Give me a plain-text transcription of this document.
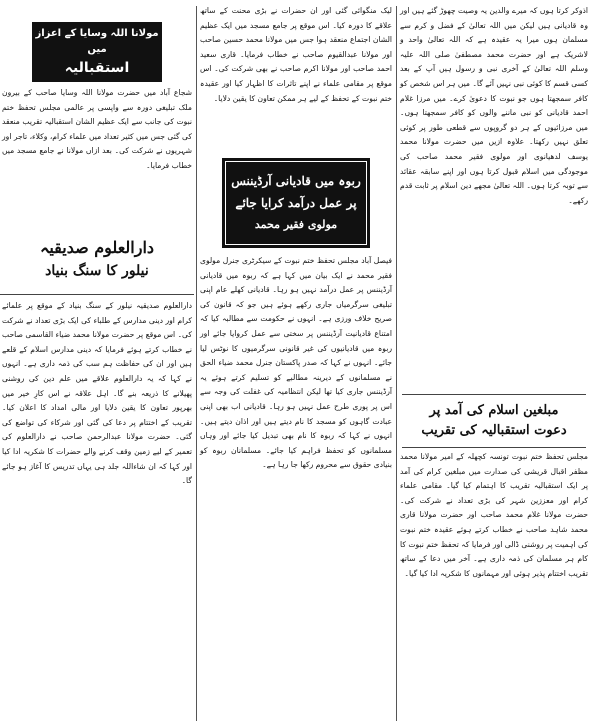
اذوکر کرتا ہوں کہ میرے والدین یہ وصیت چھوڑ گئے ہیں اور وہ قادیانی ہیں لیکن میں اللہ تعالیٰ کے فضل و کرم سے مسلمان ہوں میرا یہ عقیدہ ہے کہ اللہ تعالیٰ واحد و لاشریک ہے اور حضرت محمد مصطفیٰ صلی اللہ علیہ وسلم اللہ تعالیٰ کے آخری نبی و رسول ہیں آپ کے بعد کسی قسم کا کوئی نبی نہیں آئے گا۔ میں ہر اس شخص کو کافر سمجھتا ہوں جو نبوت کا دعویٰ کرے۔ میں مرزا غلام احمد قادیانی کو نبی ماننے والوں کو کافر سمجھتا ہوں۔ میں مرزائیوں کے ہر دو گروپوں سے قطعی طور پر کوئی تعلق نہیں رکھتا۔ علاوہ ازیں میں حضرت مولانا محمد یوسف لدھیانوی اور مولوی فقیر محمد صاحب کی موجودگی میں اسلام قبول کرتا ہوں اور اپنے سابقہ عقائد سے توبہ کرتا ہوں۔ اللہ تعالیٰ مجھے دین اسلام پر ثابت قدم رکھے۔

مبلغین اسلام کی آمد پر دعوت استقبالیہ کی تقریب

مجلس تحفظ ختم نبوت تونسہ کچھلہ کے امیر مولانا محمد مظفر اقبال قریشی کی صدارت میں مبلغین کرام کی آمد پر ایک استقبالیہ تقریب کا اہتمام کیا گیا۔ مقامی علماء کرام اور معززین شہر کی بڑی تعداد نے شرکت کی۔ حضرت مولانا غلام محمد صاحب اور حضرت مولانا قاری محمد شاہد صاحب نے خطاب کرتے ہوئے عقیدہ ختم نبوت کی اہمیت پر روشنی ڈالی اور فرمایا کہ تحفظ ختم نبوت کا کام ہر مسلمان کی ذمہ داری ہے۔ آخر میں دعا کے ساتھ تقریب اختتام پذیر ہوئی اور مہمانوں کا شکریہ ادا کیا گیا۔

لیک منگوائی گئی اور ان حضرات نے بڑی محنت کے ساتھ علاقے کا دورہ کیا۔ اس موقع پر جامع مسجد میں ایک عظیم الشان اجتماع منعقد ہوا جس میں مولانا محمد حسین صاحب اور مولانا عبدالقیوم صاحب نے خطاب فرمایا۔ قاری سعید احمد صاحب اور مولانا اکرم صاحب نے بھی شرکت کی۔ اس موقع پر مقامی علماء نے اپنے تاثرات کا اظہار کیا اور عقیدہ ختم نبوت کے تحفظ کے لیے ہر ممکن تعاون کا یقین دلایا۔

ربوہ میں قادیانی آرڈیننس
پر عمل درآمد کرایا جائے
مولوی فقیر محمد

فیصل آباد مجلس تحفظ ختم نبوت کے سیکرٹری جنرل مولوی فقیر محمد نے ایک بیان میں کہا ہے کہ ربوہ میں قادیانی آرڈیننس پر عمل درآمد نہیں ہو رہا۔ قادیانی کھلے عام اپنی تبلیغی سرگرمیاں جاری رکھے ہوئے ہیں جو کہ قانون کی صریح خلاف ورزی ہے۔ انہوں نے حکومت سے مطالبہ کیا کہ امتناع قادیانیت آرڈیننس پر سختی سے عمل کروایا جائے اور ربوہ میں قادیانیوں کی غیر قانونی سرگرمیوں کا نوٹس لیا جائے۔ انہوں نے کہا کہ صدر پاکستان جنرل محمد ضیاء الحق نے مسلمانوں کے دیرینہ مطالبے کو تسلیم کرتے ہوئے یہ آرڈیننس جاری کیا تھا لیکن انتظامیہ کی غفلت کی وجہ سے اس پر پوری طرح عمل نہیں ہو رہا۔ قادیانی اب بھی اپنی عبادت گاہوں کو مسجد کا نام دیتے ہیں اور اذان دیتے ہیں۔ انہوں نے کہا کہ ربوہ کا نام بھی تبدیل کیا جائے اور وہاں مسلمانوں کو تحفظ فراہم کیا جائے۔ مسلمانان ربوہ کو بنیادی حقوق سے محروم رکھا جا رہا ہے۔

مولانا اللہ وسایا کے اعزاز میں
استقبالیہ

شجاع آباد میں حضرت مولانا اللہ وسایا صاحب کے بیرون ملک تبلیغی دورہ سے واپسی پر عالمی مجلس تحفظ ختم نبوت کی جانب سے ایک عظیم الشان استقبالیہ تقریب منعقد کی گئی جس میں کثیر تعداد میں علماء کرام، وکلاء، تاجر اور شہریوں نے شرکت کی۔ بعد ازاں مولانا نے جامع مسجد میں خطاب فرمایا۔

دارالعلوم صدیقیہ
نیلور کا سنگ بنیاد

دارالعلوم صدیقیہ نیلور کے سنگ بنیاد کے موقع پر علمائے کرام اور دینی مدارس کے طلباء کی ایک بڑی تعداد نے شرکت کی۔ اس موقع پر حضرت مولانا محمد ضیاء القاسمی صاحب نے خطاب کرتے ہوئے فرمایا کہ دینی مدارس اسلام کے قلعے ہیں اور ان کی حفاظت ہم سب کی ذمہ داری ہے۔ انہوں نے کہا کہ یہ دارالعلوم علاقے میں علم دین کی روشنی پھیلانے کا ذریعہ بنے گا۔ اہل علاقہ نے اس کارِ خیر میں بھرپور تعاون کا یقین دلایا اور مالی امداد کا اعلان کیا۔ تقریب کے اختتام پر دعا کی گئی اور شرکاء کی تواضع کی گئی۔ حضرت مولانا عبدالرحمن صاحب نے دارالعلوم کی تعمیر کے لیے زمین وقف کرنے والے حضرات کا شکریہ ادا کیا اور کہا کہ ان شاءاللہ جلد ہی یہاں تدریس کا آغاز ہو جائے گا۔
